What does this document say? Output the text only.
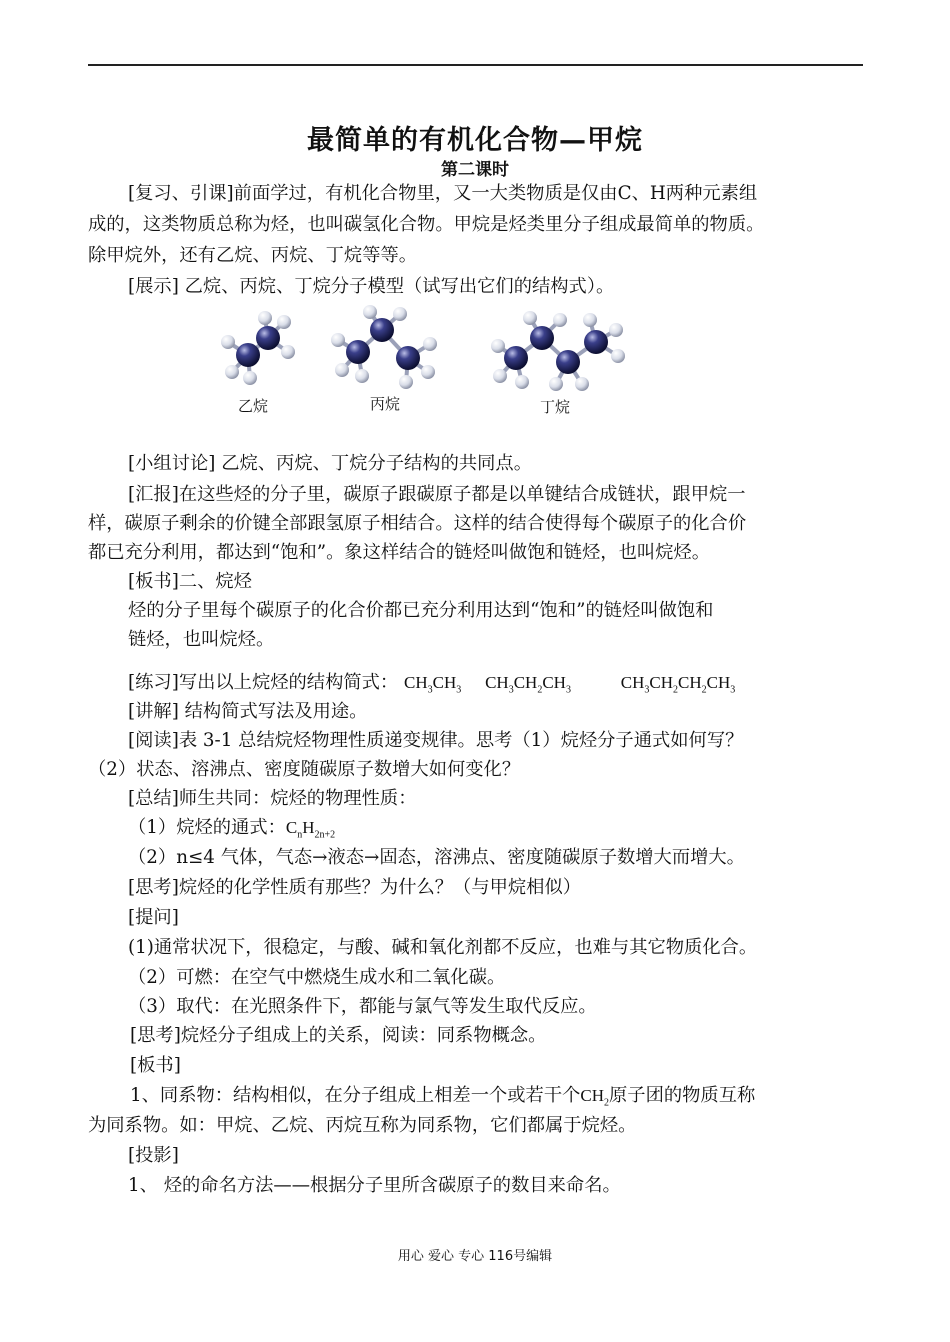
最简单的有机化合物—甲烷
第二课时
[复习、引课]前面学过，有机化合物里，又一大类物质是仅由C、H两种元素组
成的，这类物质总称为烃，也叫碳氢化合物。甲烷是烃类里分子组成最简单的物质。
除甲烷外，还有乙烷、丙烷、丁烷等等。
[展示] 乙烷、丙烷、丁烷分子模型（试写出它们的结构式）。
乙烷	丙烷	丁烷
[小组讨论] 乙烷、丙烷、丁烷分子结构的共同点。
[汇报]在这些烃的分子里，碳原子跟碳原子都是以单键结合成链状，跟甲烷一
样，碳原子剩余的价键全部跟氢原子相结合。这样的结合使得每个碳原子的化合价
都已充分利用，都达到“饱和”。象这样结合的链烃叫做饱和链烃，也叫烷烃。
[板书]二、烷烃
烃的分子里每个碳原子的化合价都已充分利用达到“饱和”的链烃叫做饱和
链烃，也叫烷烃。
[练习]写出以上烷烃的结构简式： $CH_3CH_3$ $CH_3CH_2CH_3$	$CH_3CH_2CH_2CH_3$
[讲解] 结构简式写法及用途。
[阅读]表 3-1 总结烷烃物理性质递变规律。思考（1）烷烃分子通式如何写？
（2）状态、溶沸点、密度随碳原子数增大如何变化？
[总结]师生共同：烷烃的物理性质：
（1）烷烃的通式：$C_nH_{2n+2}$
（2）n≤4 气体，气态→液态→固态，溶沸点、密度随碳原子数增大而增大。
[思考]烷烃的化学性质有那些？为什么？（与甲烷相似）
[提问]
(1)通常状况下，很稳定，与酸、碱和氧化剂都不反应，也难与其它物质化合。
（2）可燃：在空气中燃烧生成水和二氧化碳。
（3）取代：在光照条件下，都能与氯气等发生取代反应。
[思考]烷烃分子组成上的关系，阅读：同系物概念。
[板书]
1、同系物：结构相似，在分子组成上相差一个或若干个$CH_2$原子团的物质互称
为同系物。如：甲烷、乙烷、丙烷互称为同系物，它们都属于烷烃。
[投影]
1、 烃的命名方法——根据分子里所含碳原子的数目来命名。
用心 爱心 专心 116号编辑
